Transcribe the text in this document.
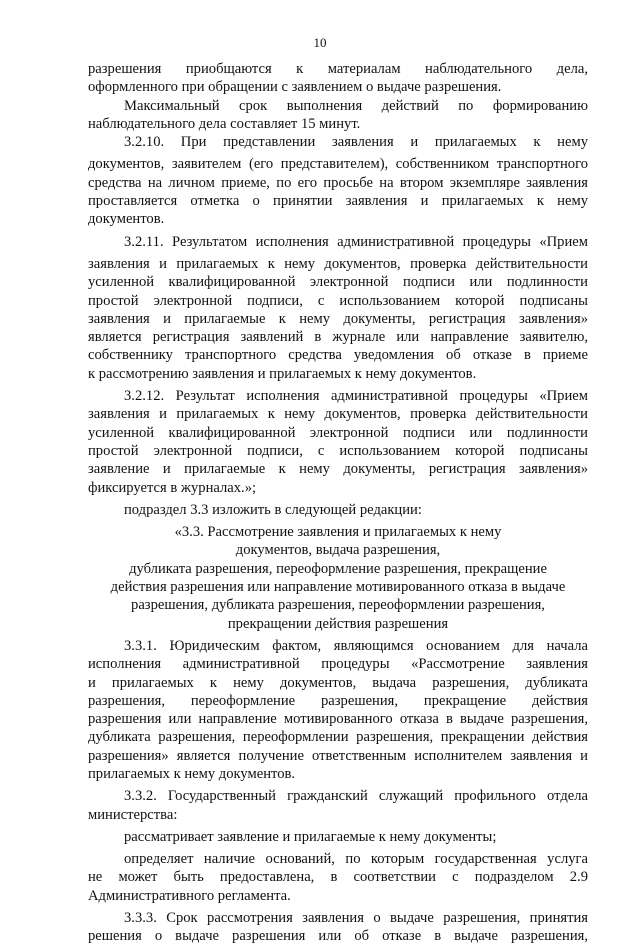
10
разрешения приобщаются к материалам наблюдательного дела,
оформленного при обращении с заявлением о выдаче разрешения.
Максимальный срок выполнения действий по формированию
наблюдательного дела составляет 15 минут.
3.2.10. При представлении заявления и прилагаемых к нему
документов, заявителем (его представителем), собственником транспортного
средства на личном приеме, по его просьбе на втором экземпляре заявления
проставляется отметка о принятии заявления и прилагаемых к нему
документов.
3.2.11. Результатом исполнения административной процедуры «Прием
заявления и прилагаемых к нему документов, проверка действительности
усиленной квалифицированной электронной подписи или подлинности
простой электронной подписи, с использованием которой подписаны
заявления и прилагаемые к нему документы, регистрация заявления»
является регистрация заявлений в журнале или направление заявителю,
собственнику транспортного средства уведомления об отказе в приеме
к рассмотрению заявления и прилагаемых к нему документов.
3.2.12. Результат исполнения административной процедуры «Прием
заявления и прилагаемых к нему документов, проверка действительности
усиленной квалифицированной электронной подписи или подлинности
простой электронной подписи, с использованием которой подписаны
заявление и прилагаемые к нему документы, регистрация заявления»
фиксируется в журналах.»;
подраздел 3.3 изложить в следующей редакции:
«3.3. Рассмотрение заявления и прилагаемых к нему
документов, выдача разрешения,
дубликата разрешения, переоформление разрешения, прекращение
действия разрешения или направление мотивированного отказа в выдаче
разрешения, дубликата разрешения, переоформлении разрешения,
прекращении действия разрешения
3.3.1. Юридическим фактом, являющимся основанием для начала
исполнения административной процедуры «Рассмотрение заявления
и прилагаемых к нему документов, выдача разрешения, дубликата
разрешения, переоформление разрешения, прекращение действия
разрешения или направление мотивированного отказа в выдаче разрешения,
дубликата разрешения, переоформлении разрешения, прекращении действия
разрешения» является получение ответственным исполнителем заявления и
прилагаемых к нему документов.
3.3.2. Государственный гражданский служащий профильного отдела
министерства:
рассматривает заявление и прилагаемые к нему документы;
определяет наличие оснований, по которым государственная услуга
не может быть предоставлена, в соответствии с подразделом 2.9
Административного регламента.
3.3.3. Срок рассмотрения заявления о выдаче разрешения, принятия
решения о выдаче разрешения или об отказе в выдаче разрешения,
